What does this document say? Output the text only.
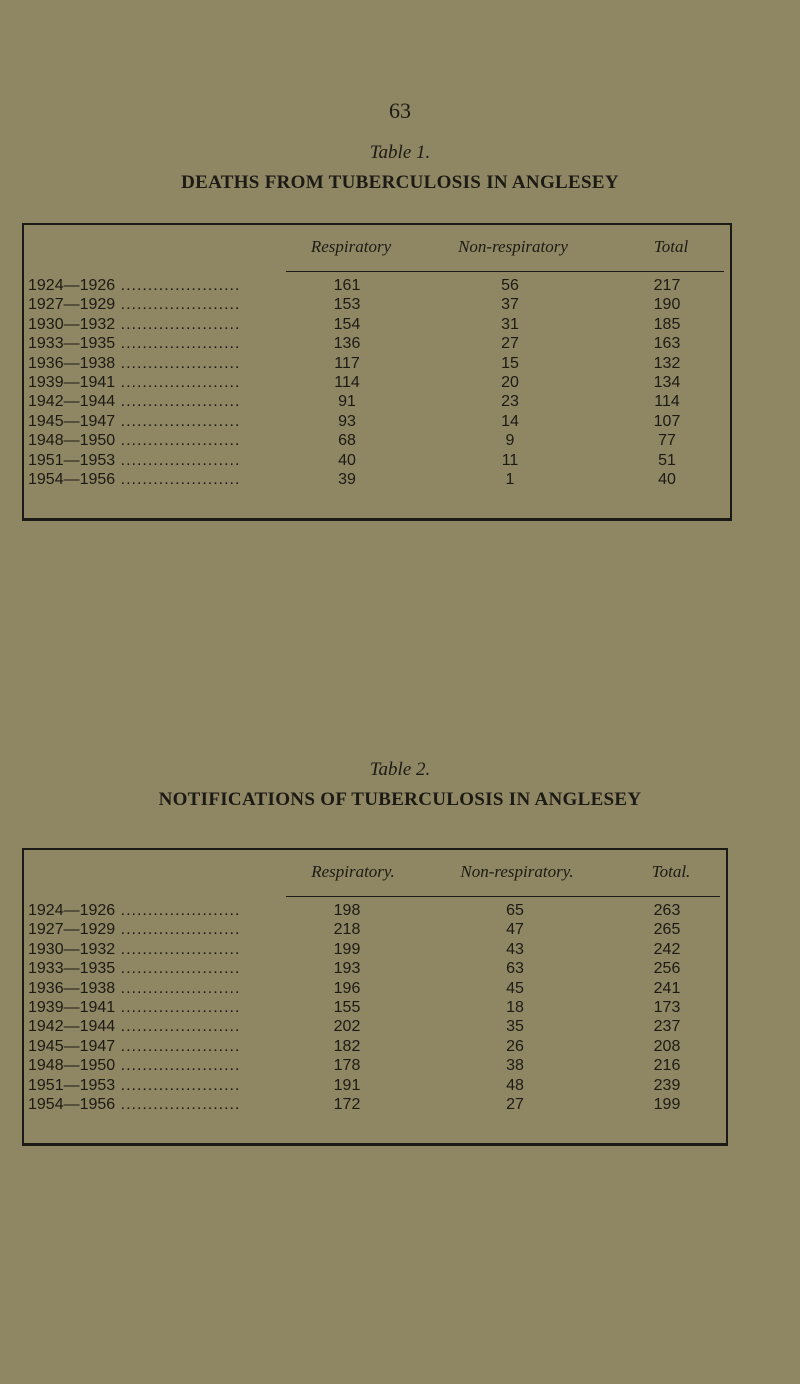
63
Table 1.
DEATHS FROM TUBERCULOSIS IN ANGLESEY
Respiratory	Non-respiratory	Total
1924—1926 ......................	161	56	217
1927—1929 ......................	153	37	190
1930—1932 ......................	154	31	185
1933—1935 ......................	136	27	163
1936—1938 ......................	117	15	132
1939—1941 ......................	114	20	134
1942—1944 ......................	91	23	114
1945—1947 ......................	93	14	107
1948—1950 ......................	68	9	77
1951—1953 ......................	40	11	51
1954—1956 ......................	39	1	40
Table 2.
NOTIFICATIONS OF TUBERCULOSIS IN ANGLESEY
Respiratory.	Non-respiratory.	Total.
1924—1926 ......................	198	65	263
1927—1929 ......................	218	47	265
1930—1932 ......................	199	43	242
1933—1935 ......................	193	63	256
1936—1938 ......................	196	45	241
1939—1941 ......................	155	18	173
1942—1944 ......................	202	35	237
1945—1947 ......................	182	26	208
1948—1950 ......................	178	38	216
1951—1953 ......................	191	48	239
1954—1956 ......................	172	27	199
